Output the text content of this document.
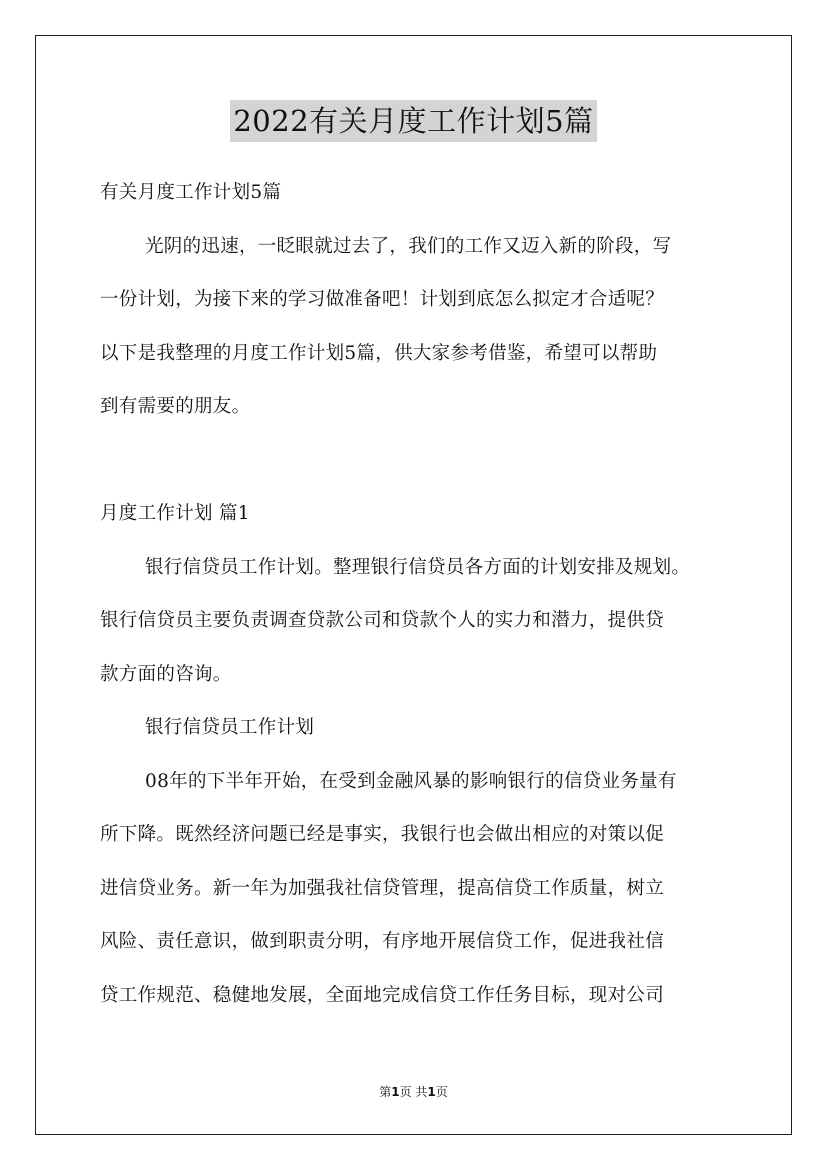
2022有关月度工作计划5篇

有关月度工作计划5篇

光阴的迅速，一眨眼就过去了，我们的工作又迈入新的阶段，写

一份计划，为接下来的学习做准备吧！计划到底怎么拟定才合适呢？

以下是我整理的月度工作计划5篇，供大家参考借鉴，希望可以帮助

到有需要的朋友。

月度工作计划 篇1

银行信贷员工作计划。整理银行信贷员各方面的计划安排及规划。

银行信贷员主要负责调查贷款公司和贷款个人的实力和潜力，提供贷

款方面的咨询。

银行信贷员工作计划

08年的下半年开始，在受到金融风暴的影响银行的信贷业务量有

所下降。既然经济问题已经是事实，我银行也会做出相应的对策以促

进信贷业务。新一年为加强我社信贷管理，提高信贷工作质量，树立

风险、责任意识，做到职责分明，有序地开展信贷工作，促进我社信

贷工作规范、稳健地发展，全面地完成信贷工作任务目标，现对公司

第1页 共1页
